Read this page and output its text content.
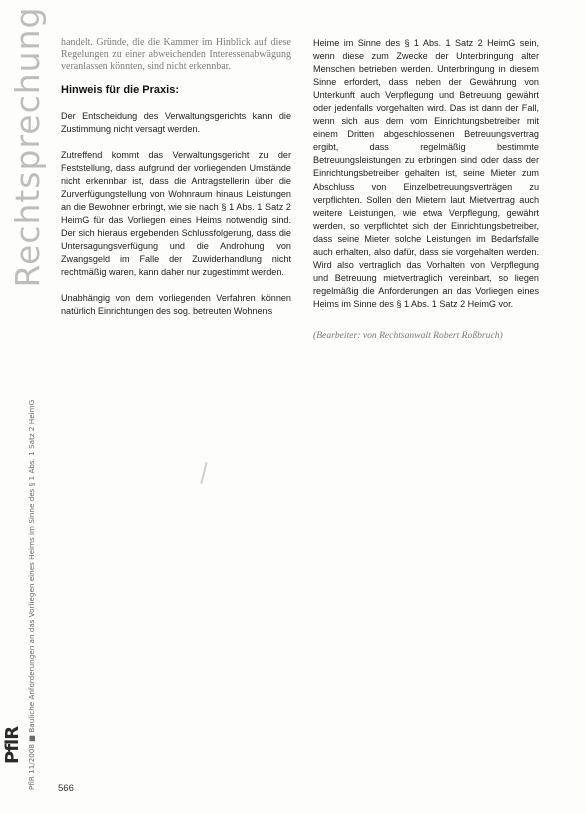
Rechtsprechung
PflR 11/2008 ■ Bauliche Anforderungen an das Vorliegen eines Heims im Sinne des § 1 Abs. 1 Satz 2 HeimG
PflR
566

handelt. Gründe, die die Kammer im Hinblick auf diese Regelungen zu einer abweichenden Interessenabwägung veranlassen könnten, sind nicht erkennbar.

Hinweis für die Praxis:

Der Entscheidung des Verwaltungsgerichts kann die Zustimmung nicht versagt werden.

Zutreffend kommt das Verwaltungsgericht zu der Feststellung, dass aufgrund der vorliegenden Umstände nicht erkennbar ist, dass die Antragstellerin über die Zurverfügungstellung von Wohnraum hinaus Leistungen an die Bewohner erbringt, wie sie nach § 1 Abs. 1 Satz 2 HeimG für das Vorliegen eines Heims notwendig sind. Der sich hieraus ergebenden Schlussfolgerung, dass die Untersagungsverfügung und die Androhung von Zwangsgeld im Falle der Zuwiderhandlung nicht rechtmäßig waren, kann daher nur zugestimmt werden.

Unabhängig von dem vorliegenden Verfahren können natürlich Einrichtungen des sog. betreuten Wohnens

Heime im Sinne des § 1 Abs. 1 Satz 2 HeimG sein, wenn diese zum Zwecke der Unterbringung alter Menschen betrieben werden. Unterbringung in diesem Sinne erfordert, dass neben der Gewährung von Unterkunft auch Verpflegung und Betreuung gewährt oder jedenfalls vorgehalten wird. Das ist dann der Fall, wenn sich aus dem vom Einrichtungsbetreiber mit einem Dritten abgeschlossenen Betreuungsvertrag ergibt, dass regelmäßig bestimmte Betreuungsleistungen zu erbringen sind oder dass der Einrichtungsbetreiber gehalten ist, seine Mieter zum Abschluss von Einzelbetreuungsverträgen zu verpflichten. Sollen den Mietern laut Mietvertrag auch weitere Leistungen, wie etwa Verpflegung, gewährt werden, so verpflichtet sich der Einrichtungsbetreiber, dass seine Mieter solche Leistungen im Bedarfsfalle auch erhalten, also dafür, dass sie vorgehalten werden. Wird also vertraglich das Vorhalten von Verpflegung und Betreuung mietvertraglich vereinbart, so liegen regelmäßig die Anforderungen an das Vorliegen eines Heims im Sinne des § 1 Abs. 1 Satz 2 HeimG vor.

(Bearbeiter: von Rechtsanwalt Robert Roßbruch)
